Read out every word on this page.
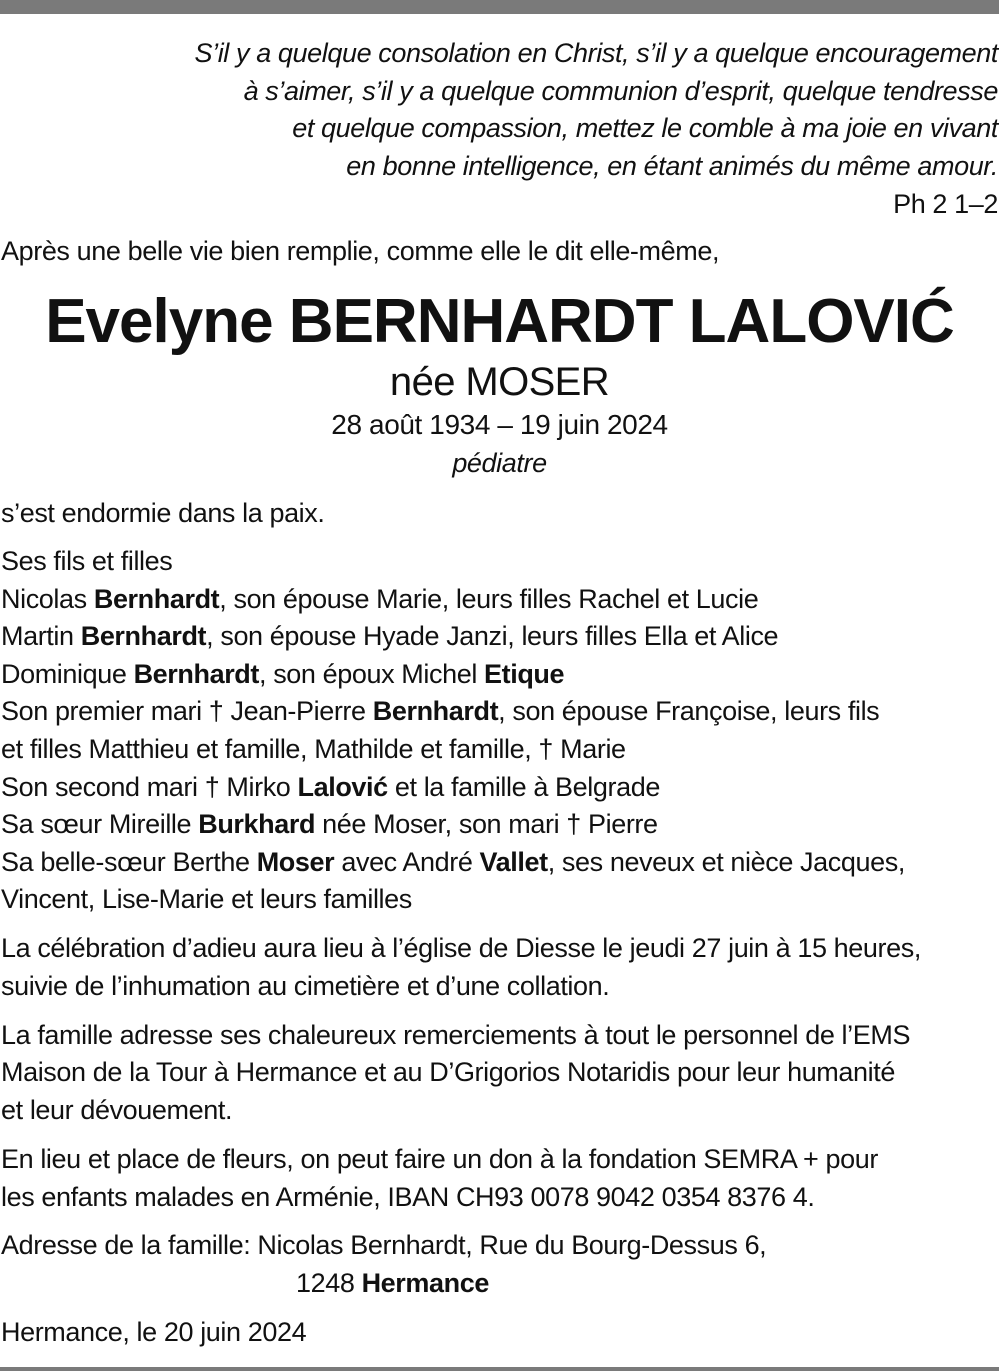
S’il y a quelque consolation en Christ, s’il y a quelque encouragement
à s’aimer, s’il y a quelque communion d’esprit, quelque tendresse
et quelque compassion, mettez le comble à ma joie en vivant
en bonne intelligence, en étant animés du même amour.
Ph 2 1–2
Après une belle vie bien remplie, comme elle le dit elle-même,
Evelyne BERNHARDT LALOVIĆ
née MOSER
28 août 1934 – 19 juin 2024
pédiatre
s’est endormie dans la paix.
Ses fils et filles
Nicolas Bernhardt, son épouse Marie, leurs filles Rachel et Lucie
Martin Bernhardt, son épouse Hyade Janzi, leurs filles Ella et Alice
Dominique Bernhardt, son époux Michel Etique
Son premier mari † Jean-Pierre Bernhardt, son épouse Françoise, leurs fils
et filles Matthieu et famille, Mathilde et famille, † Marie
Son second mari † Mirko Lalović et la famille à Belgrade
Sa sœur Mireille Burkhard née Moser, son mari † Pierre
Sa belle-sœur Berthe Moser avec André Vallet, ses neveux et nièce Jacques,
Vincent, Lise-Marie et leurs familles
La célébration d’adieu aura lieu à l’église de Diesse le jeudi 27 juin à 15 heures,
suivie de l’inhumation au cimetière et d’une collation.
La famille adresse ses chaleureux remerciements à tout le personnel de l’EMS
Maison de la Tour à Hermance et au D’Grigorios Notaridis pour leur humanité
et leur dévouement.
En lieu et place de fleurs, on peut faire un don à la fondation SEMRA + pour
les enfants malades en Arménie, IBAN CH93 0078 9042 0354 8376 4.
Adresse de la famille: Nicolas Bernhardt, Rue du Bourg-Dessus 6,
1248 Hermance
Hermance, le 20 juin 2024
